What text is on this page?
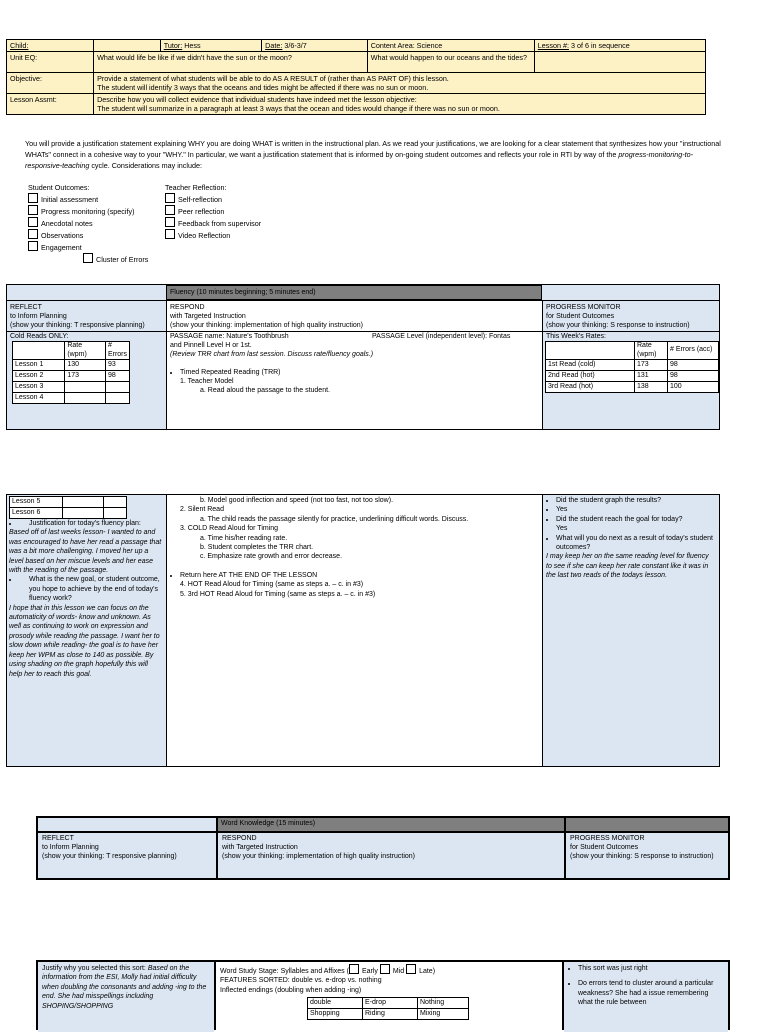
Child:		Tutor: Hess	Date: 3/6-3/7	Content Area: Science	Lesson #: 3 of 6 in sequence
Unit EQ:	What would life be like if we didn't have the sun or the moon?			What would happen to our oceans and the tides?	
Objective:	Provide a statement of what students will be able to do AS A RESULT of (rather than AS PART OF) this lesson.
The student will identify 3 ways that the oceans and tides might be affected if there was no sun or moon.				

Lesson Assmt:	Describe how you will collect evidence that individual students have indeed met the lesson objective:
The student will summarize in a paragraph at least 3 ways that the ocean and tides would change if there was no sun or moon.				
You will provide a justification statement explaining WHY you are doing WHAT is written in the instructional plan. As we read your justifications, we are looking for a clear statement that synthesizes how your "instructional WHATs" connect in a cohesive way to your "WHY." In particular, we want a justification statement that is informed by on-going student outcomes and reflects your role in RTI by way of the progress-monitoring-to-responsive-teaching cycle. Considerations may include:
Student Outcomes:
Initial assessment
Progress monitoring (specify)
Anecdotal notes
Observations
Engagement
Cluster of Errors
Teacher Reflection:
Self-reflection
Peer reflection
Feedback from supervisor
Video Reflection
Fluency (10 minutes beginning; 5 minutes end)
REFLECT
to Inform Planning
(show your thinking: T responsive planning)
Cold Reads ONLY:
	Rate (wpm)	# Errors
Lesson 1	130	93
Lesson 2	173	98
Lesson 3		
Lesson 4		
RESPOND
with Targeted Instruction
(show your thinking: implementation of high quality instruction)
PASSAGE name: Nature's Toothbrush	PASSAGE Level (independent level): Fontas
and Pinnell Level H or 1st.
(Review TRR chart from last session. Discuss rate/fluency goals.)
• Timed Repeated Reading (TRR)
1. Teacher Model
a. Read aloud the passage to the student.
PROGRESS MONITOR
for Student Outcomes
(show your thinking: S response to instruction)
This Week's Rates:
	Rate (wpm)	# Errors (acc)
1st Read (cold)	173	98
2nd Read (hot)	131	98
3rd Read (hot)	138	100
Lesson 5		
Lesson 6		
• Justification for today's fluency plan:
Based off of last weeks lesson- I wanted to and was encouraged to have her read a passage that was a bit more challenging. I moved her up a level based on her miscue levels and her ease with the reading of the passage.
• What is the new goal, or student outcome, you hope to achieve by the end of today's fluency work?
I hope that in this lesson we can focus on the automaticity of words- know and unknown. As well as continuing to work on expression and prosody while reading the passage. I want her to slow down while reading- the goal is to have her keep her WPM as close to 140 as possible. By using shading on the graph hopefully this will help her to reach this goal.
b. Model good inflection and speed (not too fast, not too slow).
2. Silent Read
a. The child reads the passage silently for practice, underlining difficult words. Discuss.
3. COLD Read Aloud for Timing
a. Time his/her reading rate.
b. Student completes the TRR chart.
c. Emphasize rate growth and error decrease.
• Return here AT THE END OF THE LESSON
4. HOT Read Aloud for Timing (same as steps a. – c. in #3)
5. 3rd HOT Read Aloud for Timing (same as steps a. – c. in #3)
• Did the student graph the results?
• Yes
• Did the student reach the goal for today?
Yes
• What will you do next as a result of today's student outcomes?
I may keep her on the same reading level for fluency to see if she can keep her rate constant like it was in the last two reads of the todays lesson.
Word Knowledge (15 minutes)
REFLECT
to Inform Planning
(show your thinking: T responsive planning)
RESPOND
with Targeted Instruction
(show your thinking: implementation of high quality instruction)
PROGRESS MONITOR
for Student Outcomes
(show your thinking: S response to instruction)
Justify why you selected this sort: Based on the information from the ESI, Molly had initial difficulty when doubling the consonants and adding -ing to the end. She had misspellings including SHOPING/SHOPPING
Word Study Stage: Syllables and Affixes ( Early Mid Late)
FEATURES SORTED: double vs. e-drop vs. nothing
Inflected endings (doubling when adding -ing)
double	E-drop	Nothing
Shopping	Riding	Mixing
• This sort was just right
• Do errors tend to cluster around a particular weakness? She had a issue remembering what the rule between
